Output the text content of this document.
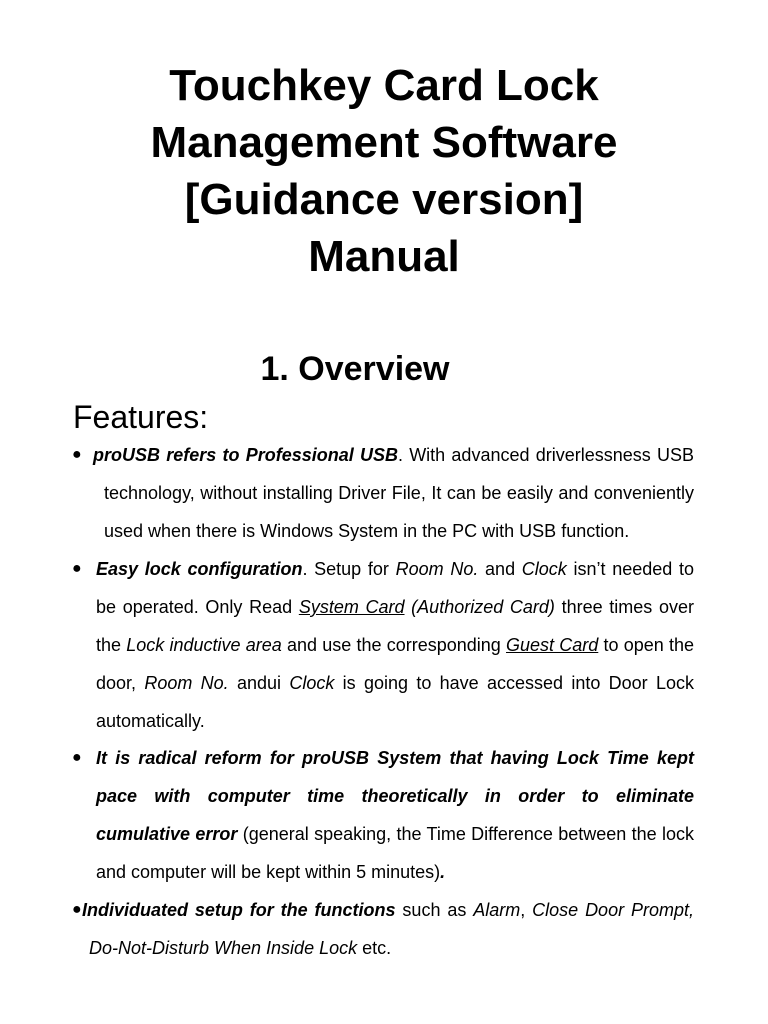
Touchkey Card Lock
Management Software
[Guidance version]
Manual
1. Overview
Features:
● proUSB refers to Professional USB. With advanced driverlessness USB
technology, without installing Driver File, It can be easily and conveniently used when there is Windows System in the PC with USB function.

● Easy lock configuration. Setup for Room No. and Clock isn’t needed to be operated. Only Read System Card (Authorized Card) three times over the Lock inductive area and use the corresponding Guest Card to open the door, Room No. andui Clock is going to have accessed into Door Lock automatically.

● It is radical reform for proUSB System that having Lock Time kept pace with computer time theoretically in order to eliminate cumulative error (general speaking, the Time Difference between the lock and computer will be kept within 5 minutes).

● Individuated setup for the functions such as Alarm, Close Door Prompt,
Do-Not-Disturb When Inside Lock etc.
